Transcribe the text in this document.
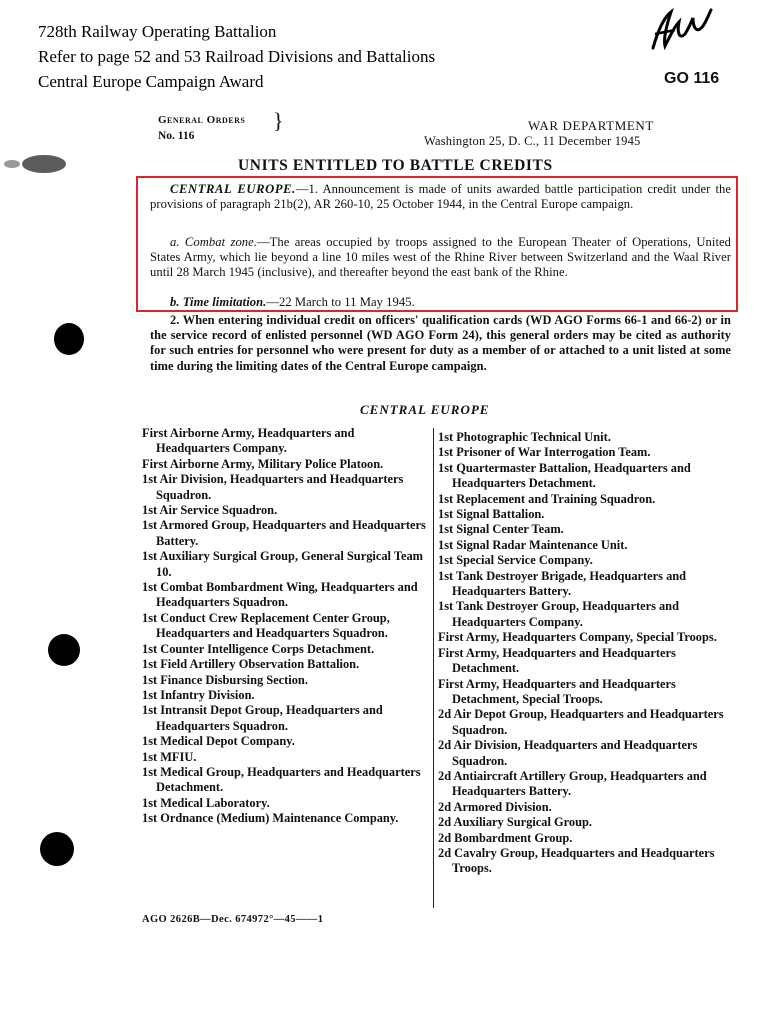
728th Railway Operating Battalion
Refer to page 52 and 53 Railroad Divisions and Battalions
Central Europe Campaign Award	GO 116
General Orders }
No. 116
WAR DEPARTMENT
Washington 25, D. C., 11 December 1945
UNITS ENTITLED TO BATTLE CREDITS
CENTRAL EUROPE.—1. Announcement is made of units awarded battle participation credit under the provisions of paragraph 21b(2), AR 260-10, 25 October 1944, in the Central Europe campaign.
a. Combat zone.—The areas occupied by troops assigned to the European Theater of Operations, United States Army, which lie beyond a line 10 miles west of the Rhine River between Switzerland and the Waal River until 28 March 1945 (inclusive), and thereafter beyond the east bank of the Rhine.
b. Time limitation.—22 March to 11 May 1945.
2. When entering individual credit on officers' qualification cards (WD AGO Forms 66-1 and 66-2) or in the service record of enlisted personnel (WD AGO Form 24), this general orders may be cited as authority for such entries for personnel who were present for duty as a member of or attached to a unit listed at some time during the limiting dates of the Central Europe campaign.
CENTRAL EUROPE

First Airborne Army, Headquarters and Headquarters Company.

First Airborne Army, Military Police Platoon.

1st Air Division, Headquarters and Headquarters Squadron.

1st Air Service Squadron.

1st Armored Group, Headquarters and Headquarters Battery.

1st Auxiliary Surgical Group, General Surgical Team 10.

1st Combat Bombardment Wing, Headquarters and Headquarters Squadron.

1st Conduct Crew Replacement Center Group, Headquarters and Headquarters Squadron.

1st Counter Intelligence Corps Detachment.

1st Field Artillery Observation Battalion.

1st Finance Disbursing Section.

1st Infantry Division.

1st Intransit Depot Group, Headquarters and Headquarters Squadron.

1st Medical Depot Company.

1st MFIU.

1st Medical Group, Headquarters and Headquarters Detachment.

1st Medical Laboratory.

1st Ordnance (Medium) Maintenance Company.

1st Photographic Technical Unit.

1st Prisoner of War Interrogation Team.

1st Quartermaster Battalion, Headquarters and Headquarters Detachment.

1st Replacement and Training Squadron.

1st Signal Battalion.

1st Signal Center Team.

1st Signal Radar Maintenance Unit.

1st Special Service Company.

1st Tank Destroyer Brigade, Headquarters and Headquarters Battery.

1st Tank Destroyer Group, Headquarters and Headquarters Company.

First Army, Headquarters Company, Special Troops.

First Army, Headquarters and Headquarters Detachment.

First Army, Headquarters and Headquarters Detachment, Special Troops.

2d Air Depot Group, Headquarters and Headquarters Squadron.

2d Air Division, Headquarters and Headquarters Squadron.

2d Antiaircraft Artillery Group, Headquarters and Headquarters Battery.

2d Armored Division.

2d Auxiliary Surgical Group.

2d Bombardment Group.

2d Cavalry Group, Headquarters and Headquarters Troops.

AGO 2626B—Dec. 674972°—45——1
